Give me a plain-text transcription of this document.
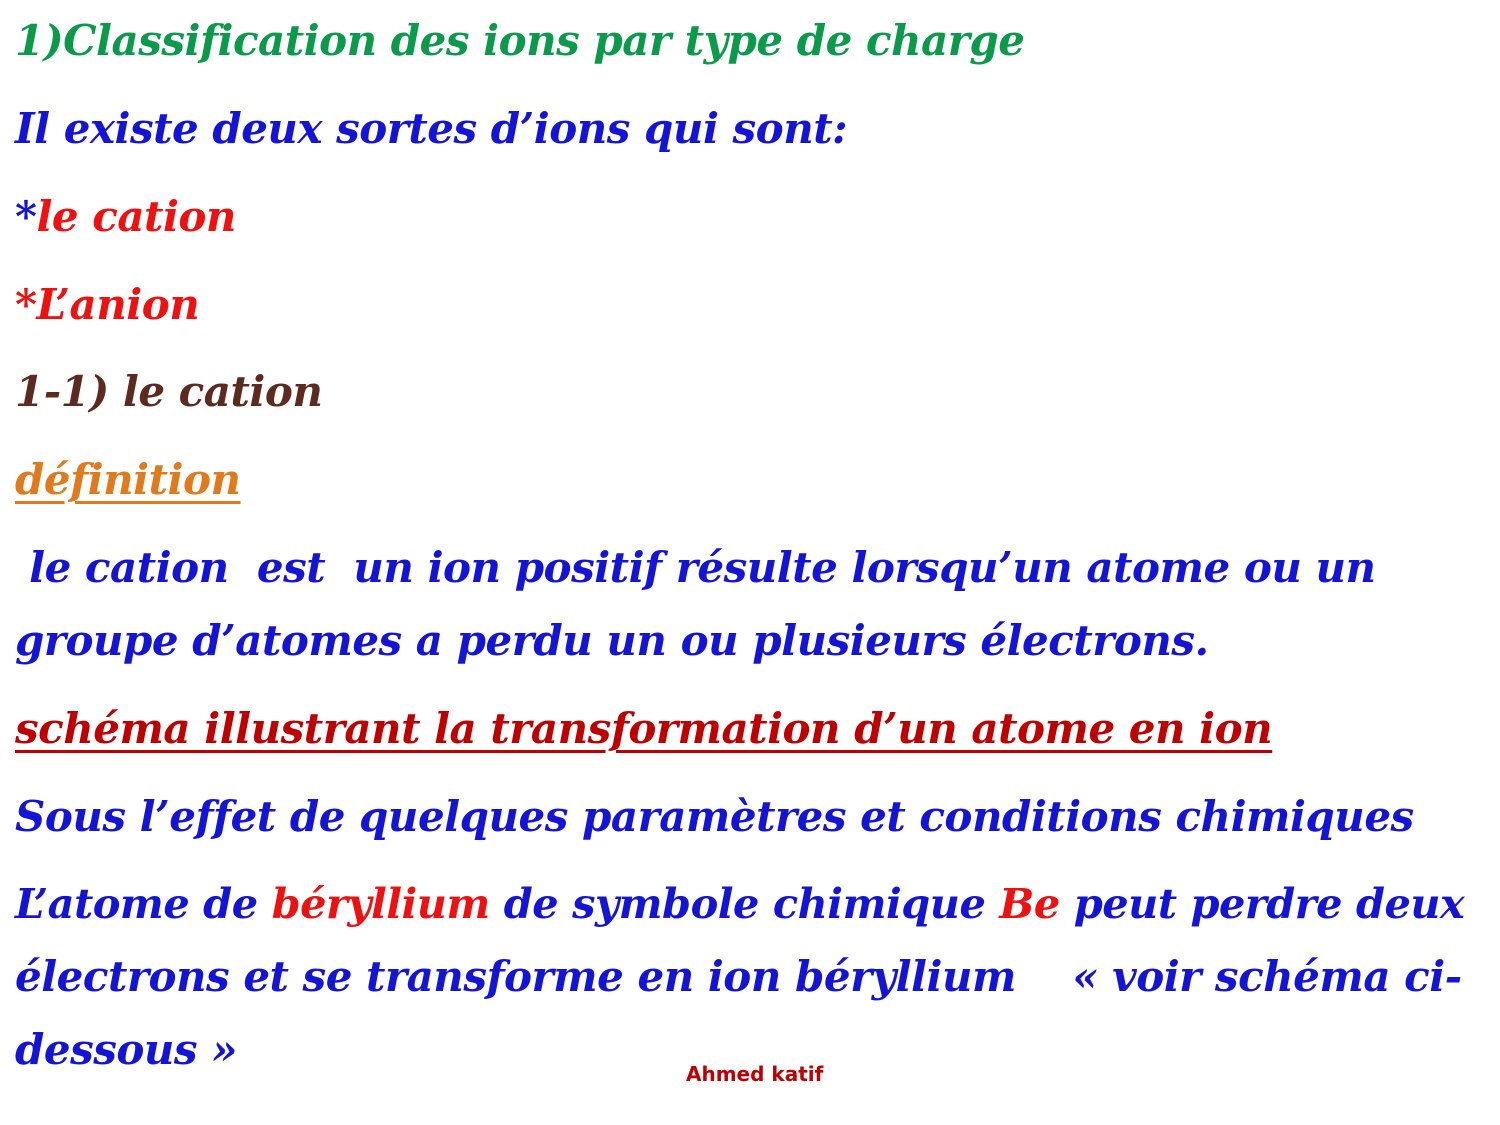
1)Classification des ions par type de charge

Il existe deux sortes d’ions qui sont:

*le cation

*L’anion

1-1) le cation

définition

le cation  est  un ion positif résulte lorsqu’un atome ou un

groupe d’atomes a perdu un ou plusieurs électrons.

schéma illustrant la transformation d’un atome en ion

Sous l’effet de quelques paramètres et conditions chimiques

L’atome de béryllium de symbole chimique Be peut perdre deux

électrons et se transforme en ion béryllium    « voir schéma ci-

dessous »	Ahmed katif
